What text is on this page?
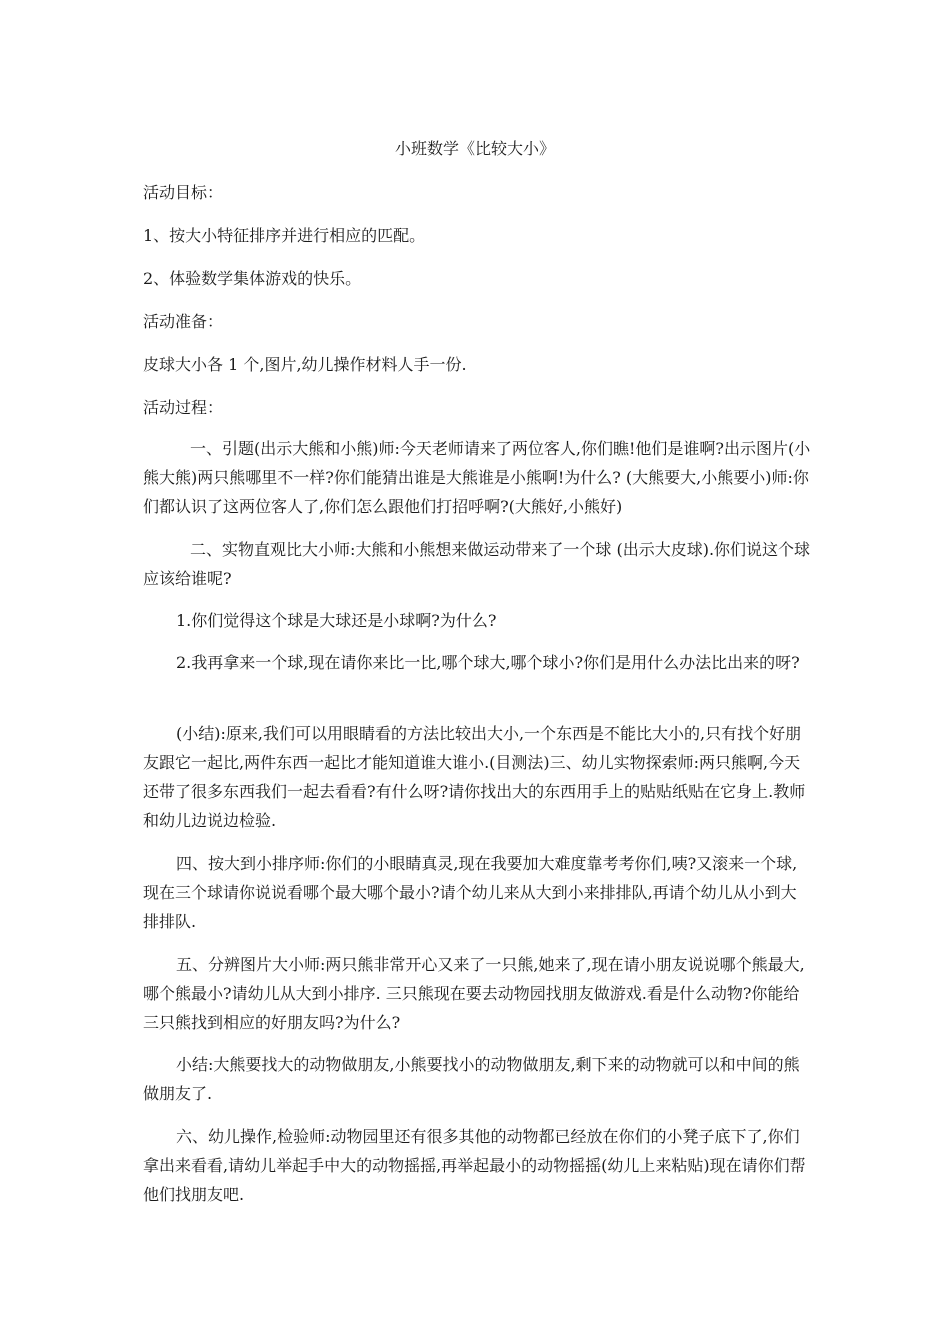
小班数学《比较大小》

活动目标：

1、按大小特征排序并进行相应的匹配。

2、体验数学集体游戏的快乐。

活动准备：

皮球大小各 1 个,图片,幼儿操作材料人手一份.

活动过程：

一、引题(出示大熊和小熊)师:今天老师请来了两位客人,你们瞧!他们是谁啊?出示图片(小熊大熊)两只熊哪里不一样?你们能猜出谁是大熊谁是小熊啊!为什么? (大熊要大,小熊要小)师:你们都认识了这两位客人了,你们怎么跟他们打招呼啊?(大熊好,小熊好)

二、实物直观比大小师:大熊和小熊想来做运动带来了一个球 (出示大皮球).你们说这个球应该给谁呢?

1.你们觉得这个球是大球还是小球啊?为什么?

2.我再拿来一个球,现在请你来比一比,哪个球大,哪个球小?你们是用什么办法比出来的呀?

(小结):原来,我们可以用眼睛看的方法比较出大小,一个东西是不能比大小的,只有找个好朋友跟它一起比,两件东西一起比才能知道谁大谁小.(目测法)三、幼儿实物探索师:两只熊啊,今天还带了很多东西我们一起去看看?有什么呀?请你找出大的东西用手上的贴贴纸贴在它身上.教师和幼儿边说边检验.

四、按大到小排序师:你们的小眼睛真灵,现在我要加大难度靠考考你们,咦?又滚来一个球,现在三个球请你说说看哪个最大哪个最小?请个幼儿来从大到小来排排队,再请个幼儿从小到大排排队.

五、分辨图片大小师:两只熊非常开心又来了一只熊,她来了,现在请小朋友说说哪个熊最大,哪个熊最小?请幼儿从大到小排序. 三只熊现在要去动物园找朋友做游戏.看是什么动物?你能给三只熊找到相应的好朋友吗?为什么?

小结:大熊要找大的动物做朋友,小熊要找小的动物做朋友,剩下来的动物就可以和中间的熊做朋友了.

六、幼儿操作,检验师:动物园里还有很多其他的动物都已经放在你们的小凳子底下了,你们拿出来看看,请幼儿举起手中大的动物摇摇,再举起最小的动物摇摇(幼儿上来粘贴)现在请你们帮他们找朋友吧.
